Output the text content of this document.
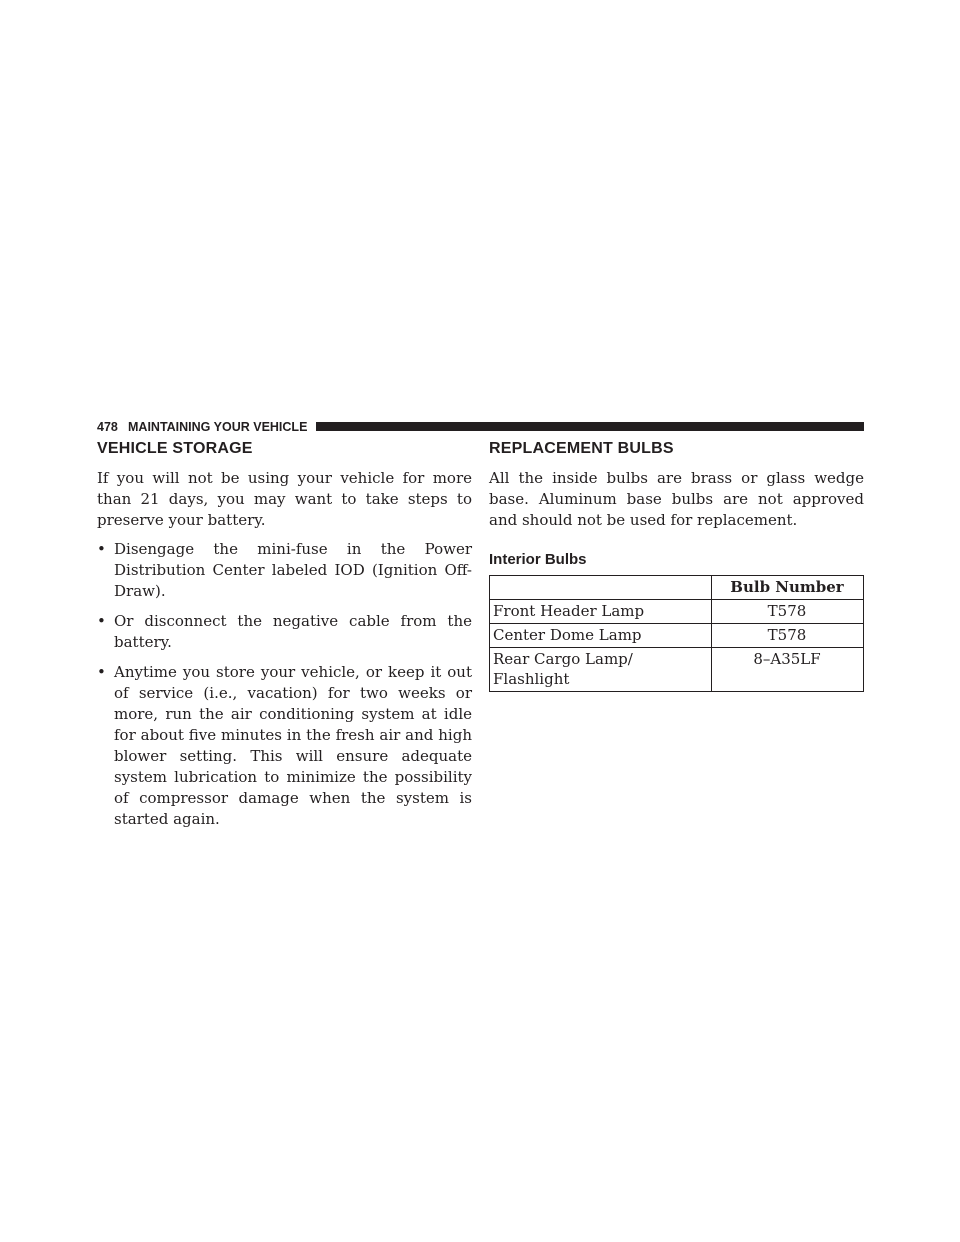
478 MAINTAINING YOUR VEHICLE
VEHICLE STORAGE

If you will not be using your vehicle for more than 21 days, you may want to take steps to preserve your battery.

• Disengage the mini-fuse in the Power Distribution Center labeled IOD (Ignition Off-Draw).
• Or disconnect the negative cable from the battery.
• Anytime you store your vehicle, or keep it out of service (i.e., vacation) for two weeks or more, run the air conditioning system at idle for about five minutes in the fresh air and high blower setting. This will ensure adequate system lubrication to minimize the possibility of compressor damage when the system is started again.
REPLACEMENT BULBS

All the inside bulbs are brass or glass wedge base. Aluminum base bulbs are not approved and should not be used for replacement.

Interior Bulbs
	Bulb Number
Front Header Lamp	T578
Center Dome Lamp	T578
Rear Cargo Lamp/ Flashlight	8–A35LF
